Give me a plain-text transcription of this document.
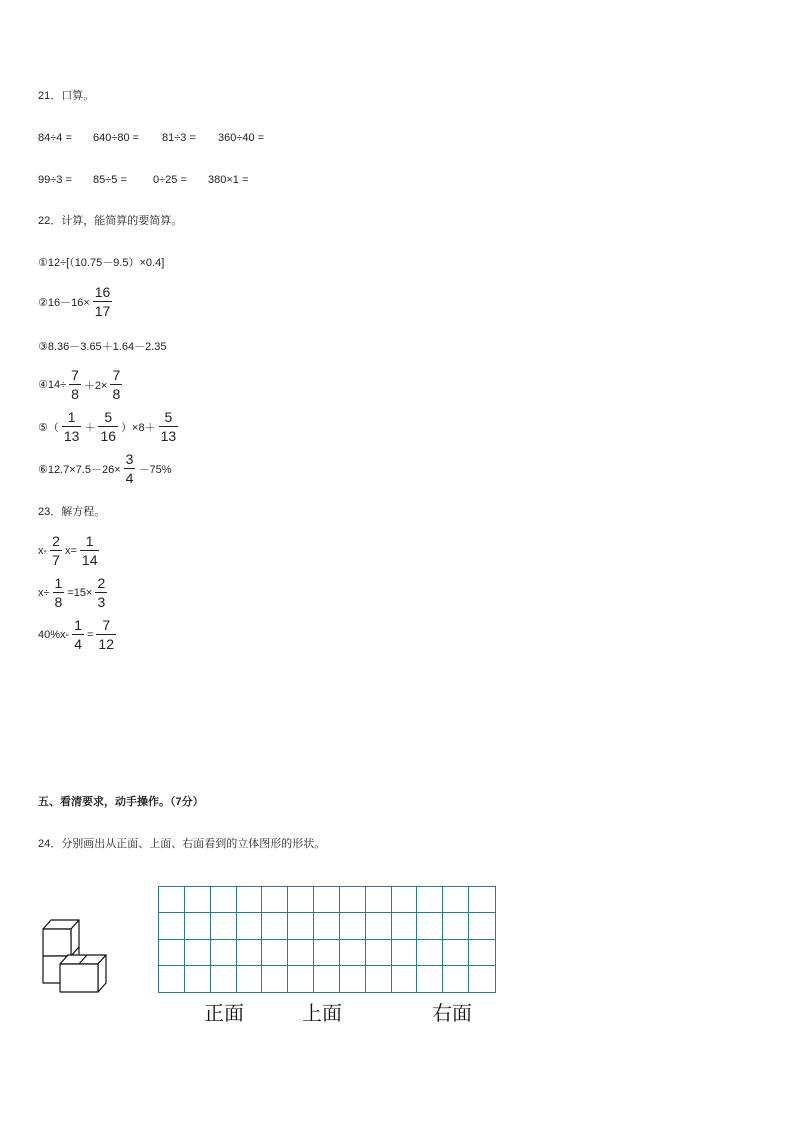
21．口算。
84÷4 = 640÷80 = 81÷3 = 360÷40 =
99÷3 = 85÷5 = 0÷25 = 380×1 =
22．计算，能简算的要简算。
①12÷[（10.75－9.5）×0.4]
②16－16× $\frac{16}{17}$
③8.36－3.65＋1.64－2.35
④14÷ $\frac{7}{8} +2\times \frac{7}{8}$
⑤（ $\frac{1}{13} + \frac{5}{16} )\times 8+ \frac{5}{13}$
⑥12.7×7.5－26× $\frac{3}{4} -75\%$
23．解方程。
$x- \frac{2}{7} x= \frac{1}{14}$
$x\div \frac{1}{8} =15\times \frac{2}{3}$
$40\%x- \frac{1}{4} = \frac{7}{12}$
五、看清要求，动手操作。（7分）
24．分别画出从正面、上面、右面看到的立体图形的形状。
正面	上面	右面
